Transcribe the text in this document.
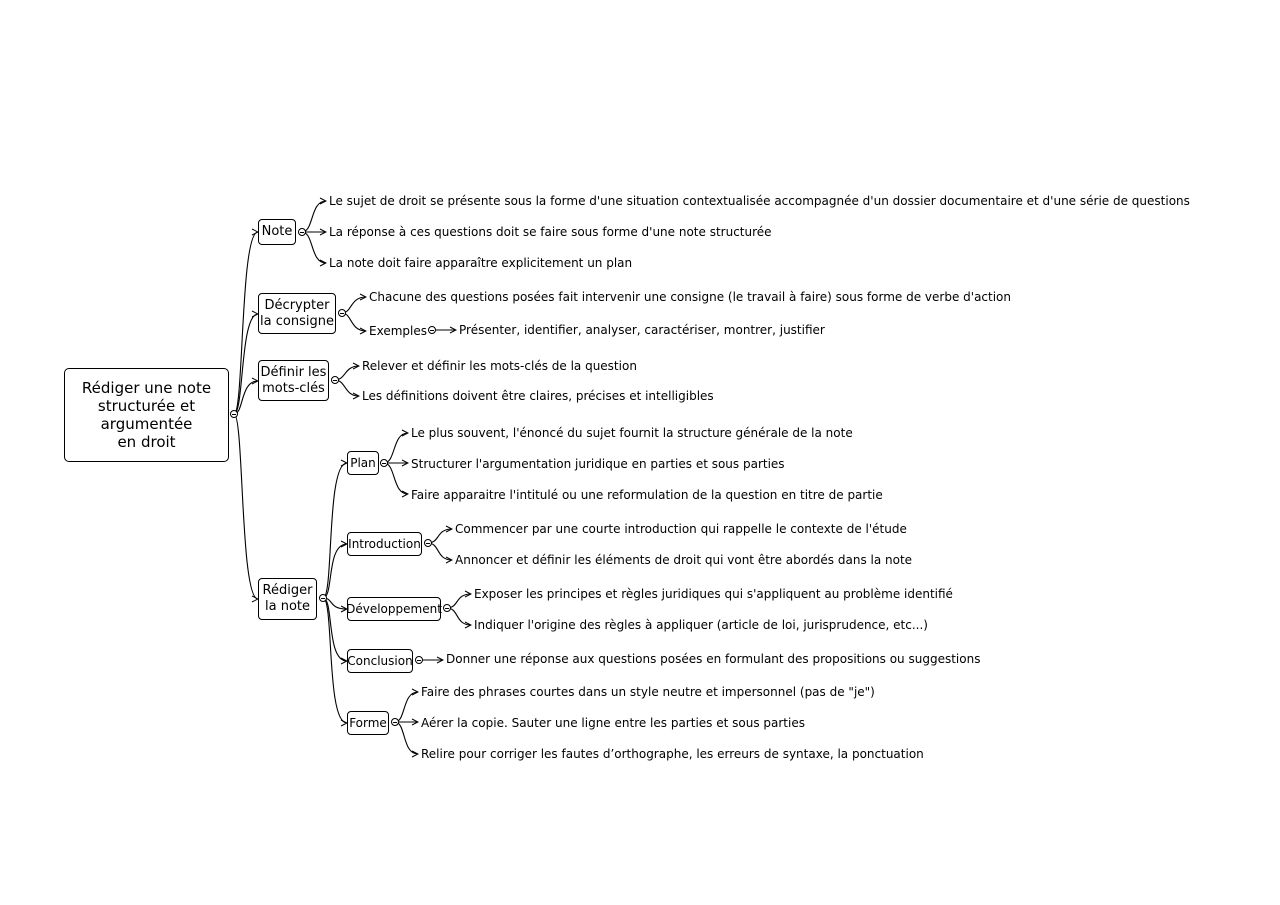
Rédiger une note
structurée et
argumentée
en droit
Note
Le sujet de droit se présente sous la forme d'une situation contextualisée accompagnée d'un dossier documentaire et d'une série de questions
La réponse à ces questions doit se faire sous forme d'une note structurée
La note doit faire apparaître explicitement un plan
Décrypter
la consigne
Chacune des questions posées fait intervenir une consigne (le travail à faire) sous forme de verbe d'action
Exemples	Présenter, identifier, analyser, caractériser, montrer, justifier
Définir les
mots-clés
Relever et définir les mots-clés de la question
Les définitions doivent être claires, précises et intelligibles
Rédiger
la note
Plan
Le plus souvent, l'énoncé du sujet fournit la structure générale de la note
Structurer l'argumentation juridique en parties et sous parties
Faire apparaitre l'intitulé ou une reformulation de la question en titre de partie
Introduction
Commencer par une courte introduction qui rappelle le contexte de l'étude
Annoncer et définir les éléments de droit qui vont être abordés dans la note
Développement
Exposer les principes et règles juridiques qui s'appliquent au problème identifié
Indiquer l'origine des règles à appliquer (article de loi, jurisprudence, etc...)
Conclusion	Donner une réponse aux questions posées en formulant des propositions ou suggestions
Forme
Faire des phrases courtes dans un style neutre et impersonnel (pas de "je")
Aérer la copie. Sauter une ligne entre les parties et sous parties
Relire pour corriger les fautes d’orthographe, les erreurs de syntaxe, la ponctuation
